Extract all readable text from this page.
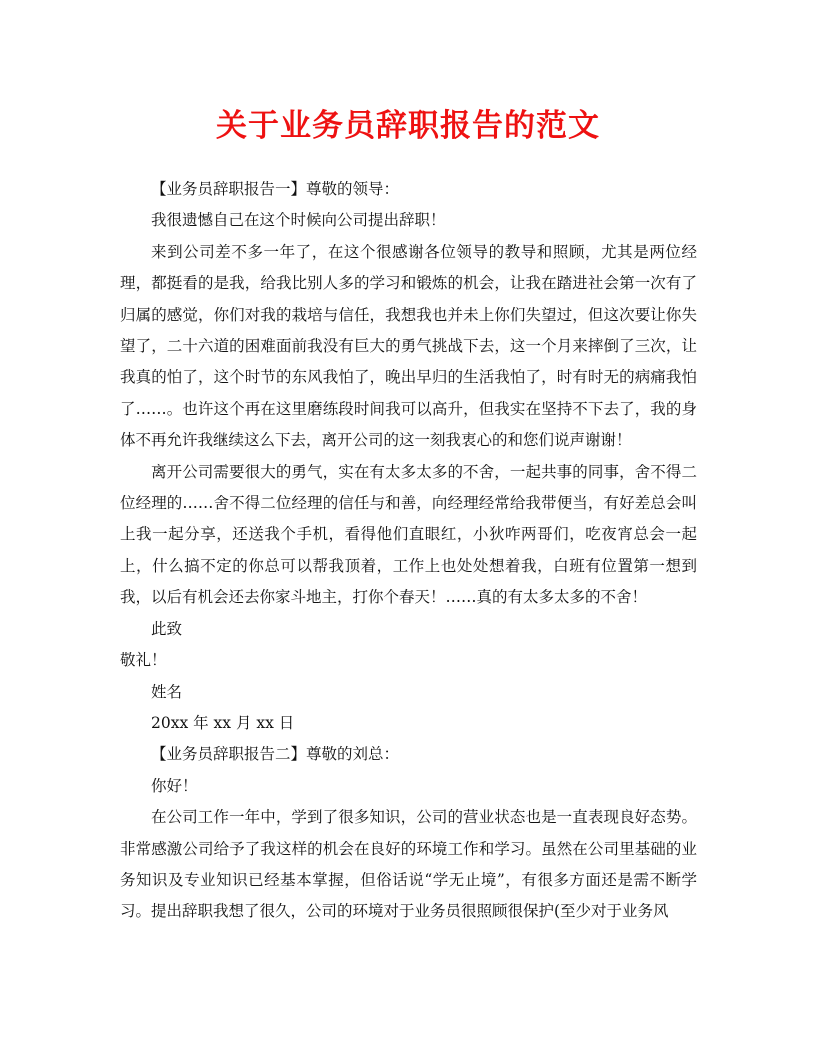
关于业务员辞职报告的范文

【业务员辞职报告一】尊敬的领导：

我很遗憾自己在这个时候向公司提出辞职！

来到公司差不多一年了，在这个很感谢各位领导的教导和照顾，尤其是两位经理，都挺看的是我，给我比别人多的学习和锻炼的机会，让我在踏进社会第一次有了归属的感觉，你们对我的栽培与信任，我想我也并未上你们失望过，但这次要让你失望了，二十六道的困难面前我没有巨大的勇气挑战下去，这一个月来摔倒了三次，让我真的怕了，这个时节的东风我怕了，晚出早归的生活我怕了，时有时无的病痛我怕了……。也许这个再在这里磨练段时间我可以高升，但我实在坚持不下去了，我的身体不再允许我继续这么下去，离开公司的这一刻我衷心的和您们说声谢谢！

离开公司需要很大的勇气，实在有太多太多的不舍，一起共事的同事，舍不得二位经理的……舍不得二位经理的信任与和善，向经理经常给我带便当，有好差总会叫上我一起分享，还送我个手机，看得他们直眼红，小狄咋两哥们，吃夜宵总会一起上，什么搞不定的你总可以帮我顶着，工作上也处处想着我，白班有位置第一想到我，以后有机会还去你家斗地主，打你个春天！……真的有太多太多的不舍！

此致

敬礼！

姓名

20xx 年 xx 月 xx 日

【业务员辞职报告二】尊敬的刘总：

你好！

在公司工作一年中，学到了很多知识，公司的营业状态也是一直表现良好态势。非常感激公司给予了我这样的机会在良好的环境工作和学习。虽然在公司里基础的业务知识及专业知识已经基本掌握，但俗话说“学无止境”，有很多方面还是需不断学习。提出辞职我想了很久，公司的环境对于业务员很照顾很保护(至少对于业务风
